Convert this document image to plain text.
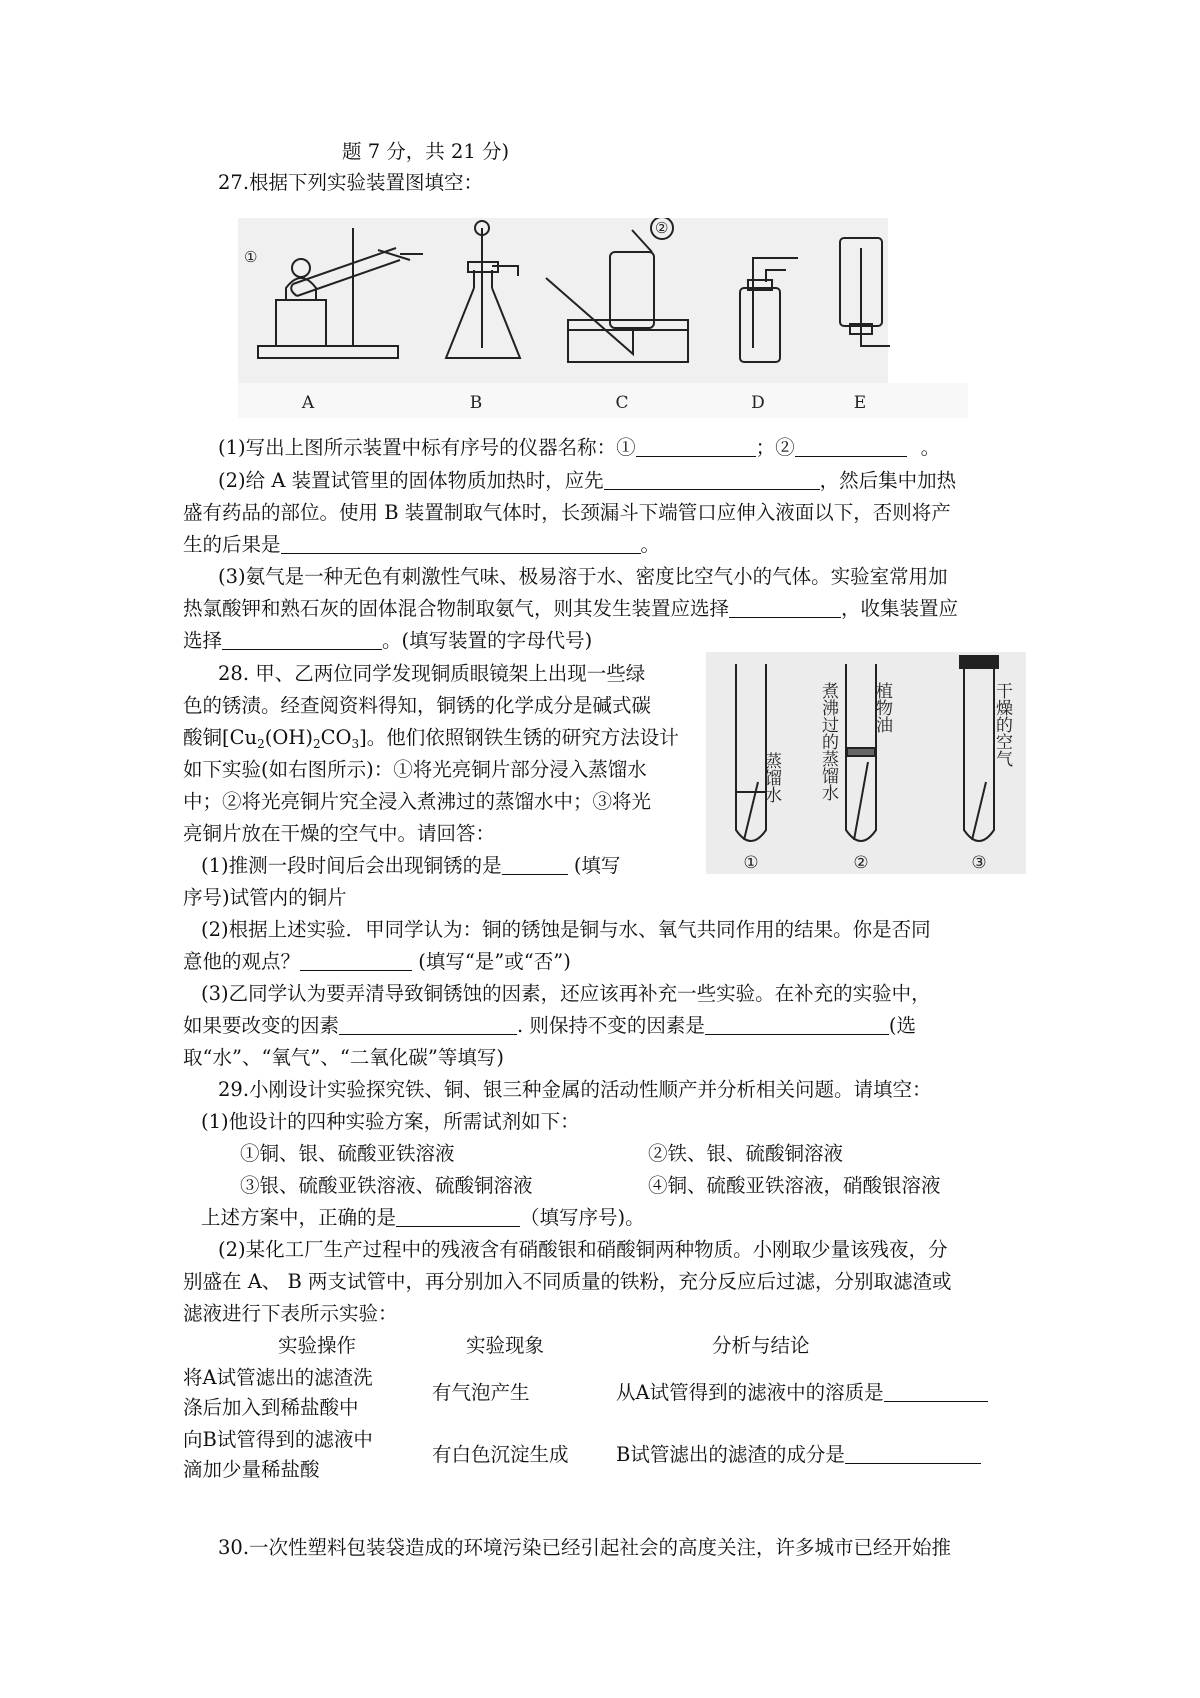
题 7 分，共 21 分)
27.根据下列实验装置图填空：
①
②
A	B	C	D	E
(1)写出上图所示装置中标有序号的仪器名称：①	；②	。
(2)给 A 装置试管里的固体物质加热时，应先	，然后集中加热
盛有药品的部位。使用 B 装置制取气体时，长颈漏斗下端管口应伸入液面以下，否则将产
生的后果是	。
(3)氨气是一种无色有刺激性气味、极易溶于水、密度比空气小的气体。实验室常用加
热氯酸钾和熟石灰的固体混合物制取氨气，则其发生装置应选择	，收集装置应
选择	。(填写装置的字母代号)
28. 甲、乙两位同学发现铜质眼镜架上出现一些绿
色的锈渍。经查阅资料得知，铜锈的化学成分是碱式碳
酸铜$[Cu_2(OH)_2CO_3]$。他们依照钢铁生锈的研究方法设计
如下实验(如右图所示)：①将光亮铜片部分浸入蒸馏水
中；②将光亮铜片究全浸入煮沸过的蒸馏水中；③将光
亮铜片放在干燥的空气中。请回答：
(1)推测一段时间后会出现铜锈的是	(填写
序号)试管内的铜片
蒸馏水 煮沸过的蒸馏水 植物油	干燥的空气
①	②	③
(2)根据上述实验．甲同学认为：铜的锈蚀是铜与水、氧气共同作用的结果。你是否同
意他的观点？	(填写“是”或“否”)
(3)乙同学认为要弄清导致铜锈蚀的因素，还应该再补充一些实验。在补充的实验中，
如果要改变的因素	. 则保持不变的因素是	(选
取“水”、“氧气”、“二氧化碳”等填写)
29.小刚设计实验探究铁、铜、银三种金属的活动性顺产并分析相关问题。请填空：
(1)他设计的四种实验方案，所需试剂如下：
①铜、银、硫酸亚铁溶液	②铁、银、硫酸铜溶液
③银、硫酸亚铁溶液、硫酸铜溶液	④铜、硫酸亚铁溶液，硝酸银溶液
上述方案中，正确的是	（填写序号)。
(2)某化工厂生产过程中的残液含有硝酸银和硝酸铜两种物质。小刚取少量该残夜，分
别盛在 A、 B 两支试管中，再分别加入不同质量的铁粉，充分反应后过滤，分别取滤渣或
滤液进行下表所示实验：
实验操作	实验现象	分析与结论
将A试管滤出的滤渣洗
涤后加入到稀盐酸中
有气泡产生	从A试管得到的滤液中的溶质是
向B试管得到的滤液中
滴加少量稀盐酸
有白色沉淀生成 B试管滤出的滤渣的成分是
30.一次性塑料包装袋造成的环境污染已经引起社会的高度关注，许多城市已经开始推
